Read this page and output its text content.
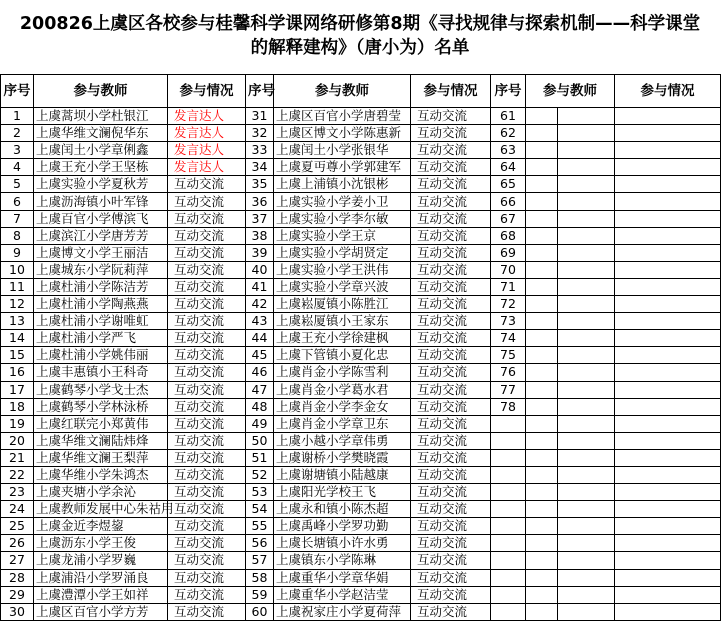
200826上虞区各校参与桂馨科学课网络研修第8期《寻找规律与探索机制——科学课堂
的解释建构》（唐小为）名单
序号	参与教师	参与情况	序号	参与教师	参与情况	序号	参与教师		参与情况
1	上虞蒿坝小学杜银江	发言达人	31	上虞区百官小学唐碧莹	互动交流	61			
2	上虞华维文澜倪华东	发言达人	32	上虞区博文小学陈惠新	互动交流	62			
3	上虞闰土小学章俐鑫	发言达人	33	上虞闰土小学张银华	互动交流	63			
4	上虞王充小学王坚栋	发言达人	34	上虞夏丏尊小学郭建军	互动交流	64			
5	上虞实验小学夏秋芳	互动交流	35	上虞上浦镇小沈银彬	互动交流	65			
6	上虞沥海镇小叶军锋	互动交流	36	上虞实验小学姜小卫	互动交流	66			
7	上虞百官小学傅滨飞	互动交流	37	上虞实验小学李尔敏	互动交流	67			
8	上虞滨江小学唐芳芳	互动交流	38	上虞实验小学王京	互动交流	68			
9	上虞博文小学王丽洁	互动交流	39	上虞实验小学胡贤定	互动交流	69			
10	上虞城东小学阮莉萍	互动交流	40	上虞实验小学王洪伟	互动交流	70			
11	上虞杜浦小学陈洁芳	互动交流	41	上虞实验小学章兴波	互动交流	71			
12	上虞杜浦小学陶燕燕	互动交流	42	上虞崧厦镇小陈胜江	互动交流	72			
13	上虞杜浦小学谢唯虹	互动交流	43	上虞崧厦镇小王家东	互动交流	73			
14	上虞杜浦小学严飞	互动交流	44	上虞王充小学徐建枫	互动交流	74			
15	上虞杜浦小学姚伟丽	互动交流	45	上虞下管镇小夏化忠	互动交流	75			
16	上虞丰惠镇小王科奇	互动交流	46	上虞肖金小学陈雪利	互动交流	76			
17	上虞鹤琴小学戈士杰	互动交流	47	上虞肖金小学葛水君	互动交流	77			
18	上虞鹤琴小学林泳桥	互动交流	48	上虞肖金小学李金女	互动交流	78			
19	上虞红联完小郑黄伟	互动交流	49	上虞肖金小学章卫东	互动交流				
20	上虞华维文澜陆炜烽	互动交流	50	上虞小越小学章伟勇	互动交流				
21	上虞华维文澜王梨萍	互动交流	51	上虞谢桥小学樊晓霞	互动交流				
22	上虞华维小学朱鸿杰	互动交流	52	上虞谢塘镇小陆越康	互动交流				
23	上虞夹塘小学余沁	互动交流	53	上虞阳光学校王飞	互动交流				
24	上虞教师发展中心朱祜用	互动交流	54	上虞永和镇小陈杰超	互动交流				
25	上虞金近李煜鋆	互动交流	55	上虞禹峰小学罗功勤	互动交流				
26	上虞沥东小学王俊	互动交流	56	上虞长塘镇小许水勇	互动交流				
27	上虞龙浦小学罗巍	互动交流	57	上虞镇东小学陈琳	互动交流				
28	上虞浦沿小学罗涌良	互动交流	58	上虞重华小学章华娟	互动交流				
29	上虞澧潭小学王如祥	互动交流	59	上虞重华小学赵洁莹	互动交流				
30	上虞区百官小学方芳	互动交流	60	上虞祝家庄小学夏荷萍	互动交流				
